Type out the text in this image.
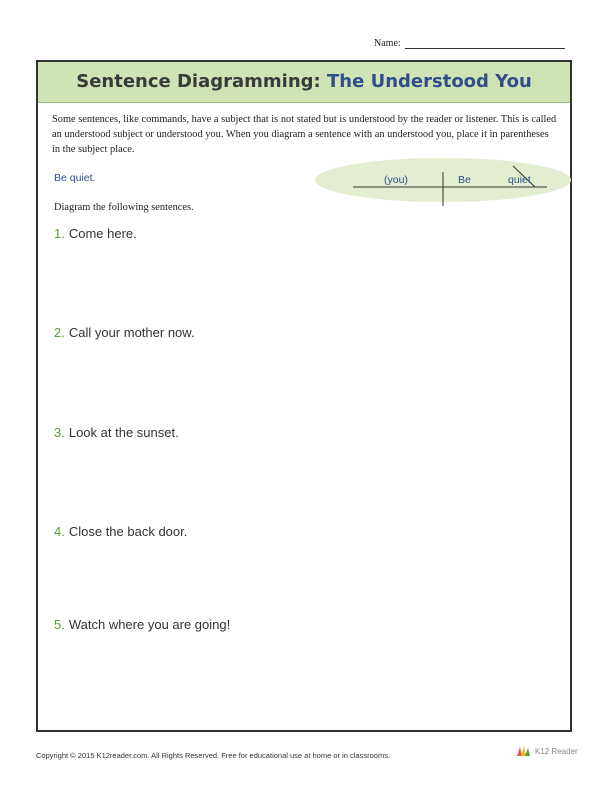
Name:
Sentence Diagramming: The Understood You
Some sentences, like commands, have a subject that is not stated but is understood by the reader or listener. This is called an understood subject or understood you. When you diagram a sentence with an understood you, place it in parentheses in the subject place.
Be quiet.	(you)	Be	quiet
Diagram the following sentences.
1. Come here.
2. Call your mother now.
3. Look at the sunset.
4. Close the back door.
5. Watch where you are going!
Copyright © 2015 K12reader.com. All Rights Reserved. Free for educational use at home or in classrooms.	K12 Reader
